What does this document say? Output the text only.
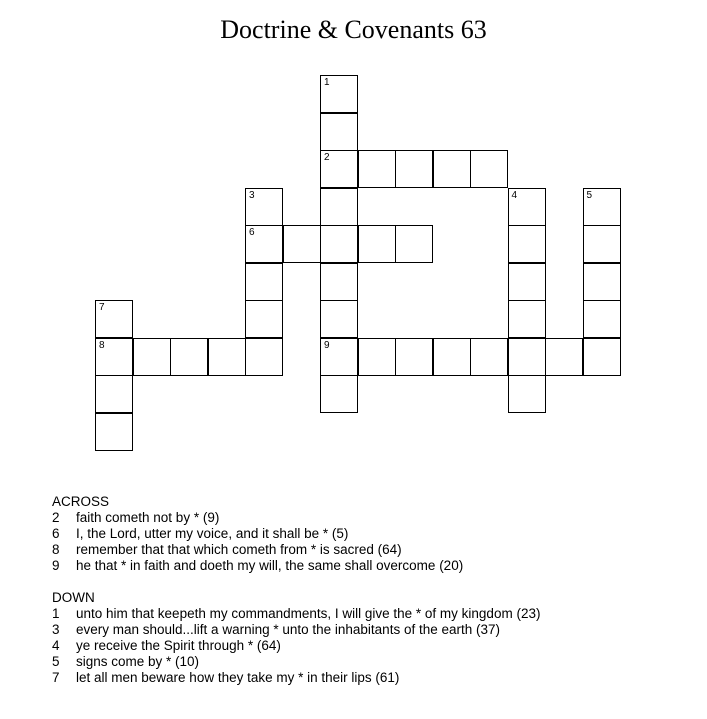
Doctrine & Covenants 63
1
2
3	4	5
6
7
8	9
ACROSS
2	faith cometh not by * (9)
6	I, the Lord, utter my voice, and it shall be * (5)
8	remember that that which cometh from * is sacred (64)
9	he that * in faith and doeth my will, the same shall overcome (20)
DOWN
1	unto him that keepeth my commandments, I will give the * of my kingdom (23)
3	every man should...lift a warning * unto the inhabitants of the earth (37)
4	ye receive the Spirit through * (64)
5	signs come by * (10)
7	let all men beware how they take my * in their lips (61)
